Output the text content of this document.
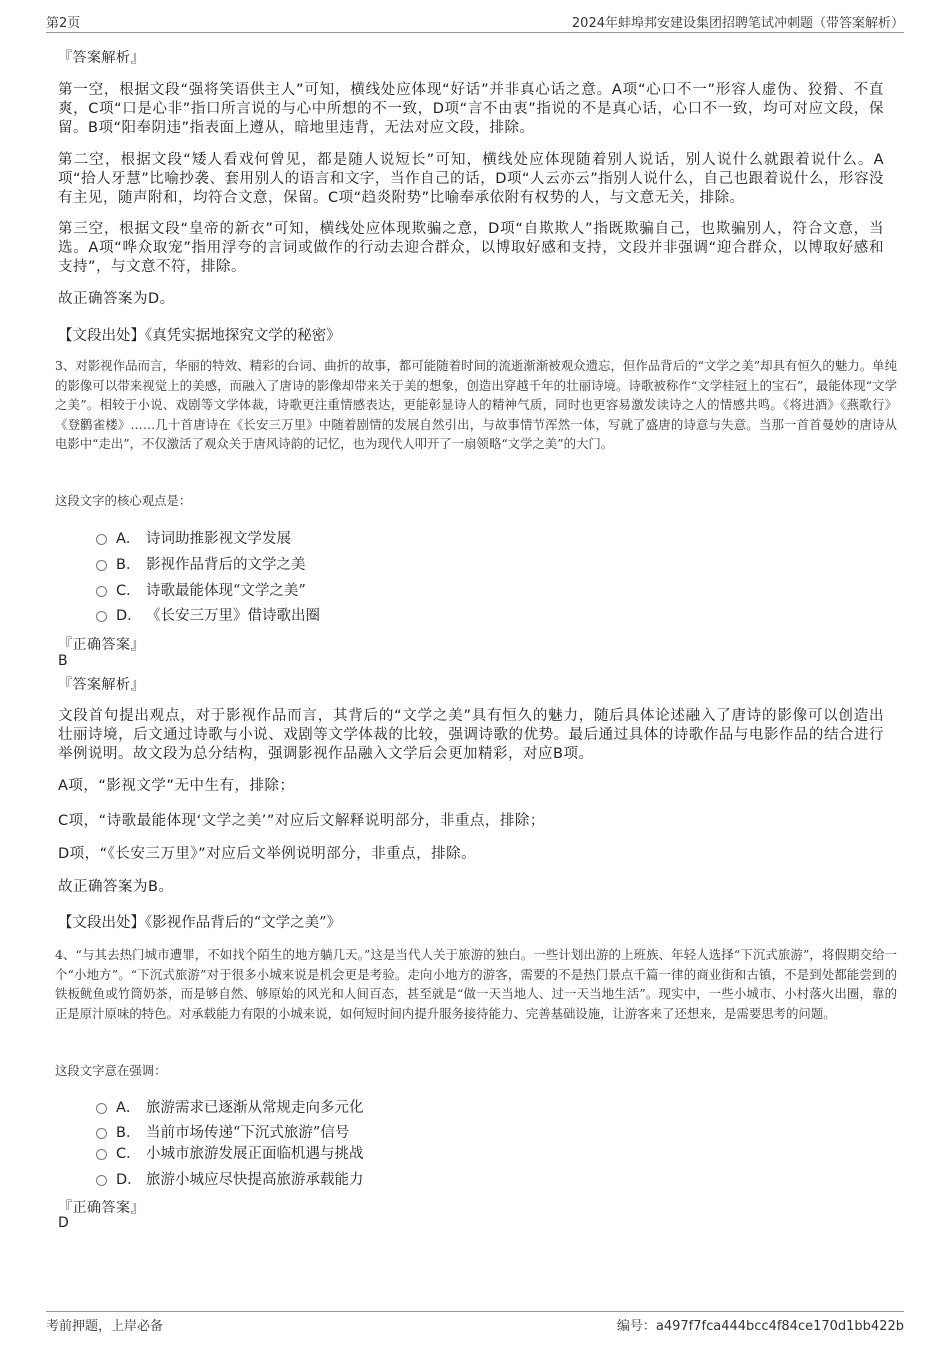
第2页	2024年蚌埠邦安建设集团招聘笔试冲刺题（带答案解析）
『答案解析』
第一空，根据文段“强将笑语供主人”可知，横线处应体现“好话”并非真心话之意。A项“心口不一”形容人虚伪、狡猾、不直爽，C项“口是心非”指口所言说的与心中所想的不一致，D项“言不由衷”指说的不是真心话，心口不一致，均可对应文段，保留。B项“阳奉阴违”指表面上遵从，暗地里违背，无法对应文段，排除。
第二空，根据文段“矮人看戏何曾见，都是随人说短长”可知，横线处应体现随着别人说话，别人说什么就跟着说什么。A项“拾人牙慧”比喻抄袭、套用别人的语言和文字，当作自己的话，D项“人云亦云”指别人说什么，自己也跟着说什么，形容没有主见，随声附和，均符合文意，保留。C项“趋炎附势”比喻奉承依附有权势的人，与文意无关，排除。
第三空，根据文段“皇帝的新衣”可知，横线处应体现欺骗之意，D项“自欺欺人”指既欺骗自己，也欺骗别人，符合文意，当选。A项“哗众取宠”指用浮夸的言词或做作的行动去迎合群众，以博取好感和支持，文段并非强调“迎合群众，以博取好感和支持”，与文意不符，排除。
故正确答案为D。
【文段出处】《真凭实据地探究文学的秘密》
3、对影视作品而言，华丽的特效、精彩的台词、曲折的故事，都可能随着时间的流逝渐渐被观众遗忘，但作品背后的“文学之美”却具有恒久的魅力。单纯的影像可以带来视觉上的美感，而融入了唐诗的影像却带来关于美的想象，创造出穿越千年的壮丽诗境。诗歌被称作“文学桂冠上的宝石”，最能体现“文学之美”。相较于小说、戏剧等文学体裁，诗歌更注重情感表达，更能彰显诗人的精神气质，同时也更容易激发读诗之人的情感共鸣。《将进酒》《燕歌行》《登鹳雀楼》……几十首唐诗在《长安三万里》中随着剧情的发展自然引出，与故事情节浑然一体，写就了盛唐的诗意与失意。当那一首首曼妙的唐诗从电影中“走出”，不仅激活了观众关于唐风诗韵的记忆，也为现代人叩开了一扇领略“文学之美”的大门。
这段文字的核心观点是：
A． 诗词助推影视文学发展
B． 影视作品背后的文学之美
C． 诗歌最能体现“文学之美”
D． 《长安三万里》借诗歌出圈
『正确答案』
B
『答案解析』
文段首句提出观点，对于影视作品而言，其背后的“文学之美”具有恒久的魅力，随后具体论述融入了唐诗的影像可以创造出壮丽诗境，后文通过诗歌与小说、戏剧等文学体裁的比较，强调诗歌的优势。最后通过具体的诗歌作品与电影作品的结合进行举例说明。故文段为总分结构，强调影视作品融入文学后会更加精彩，对应B项。
A项，“影视文学”无中生有，排除；
C项，“诗歌最能体现‘文学之美’”对应后文解释说明部分，非重点，排除；
D项，“《长安三万里》”对应后文举例说明部分，非重点，排除。
故正确答案为B。
【文段出处】《影视作品背后的“文学之美”》
4、“与其去热门城市遭罪，不如找个陌生的地方躺几天。”这是当代人关于旅游的独白。一些计划出游的上班族、年轻人选择“下沉式旅游”，将假期交给一个“小地方”。“下沉式旅游”对于很多小城来说是机会更是考验。走向小地方的游客，需要的不是热门景点千篇一律的商业街和古镇，不是到处都能尝到的铁板鱿鱼或竹筒奶茶，而是够自然、够原始的风光和人间百态，甚至就是“做一天当地人、过一天当地生活”。现实中，一些小城市、小村落火出圈，靠的正是原汁原味的特色。对承载能力有限的小城来说，如何短时间内提升服务接待能力、完善基础设施，让游客来了还想来，是需要思考的问题。
这段文字意在强调：
A． 旅游需求已逐渐从常规走向多元化
B． 当前市场传递“下沉式旅游”信号
C． 小城市旅游发展正面临机遇与挑战
D． 旅游小城应尽快提高旅游承载能力
『正确答案』
D
考前押题，上岸必备	编号：a497f7fca444bcc4f84ce170d1bb422b
